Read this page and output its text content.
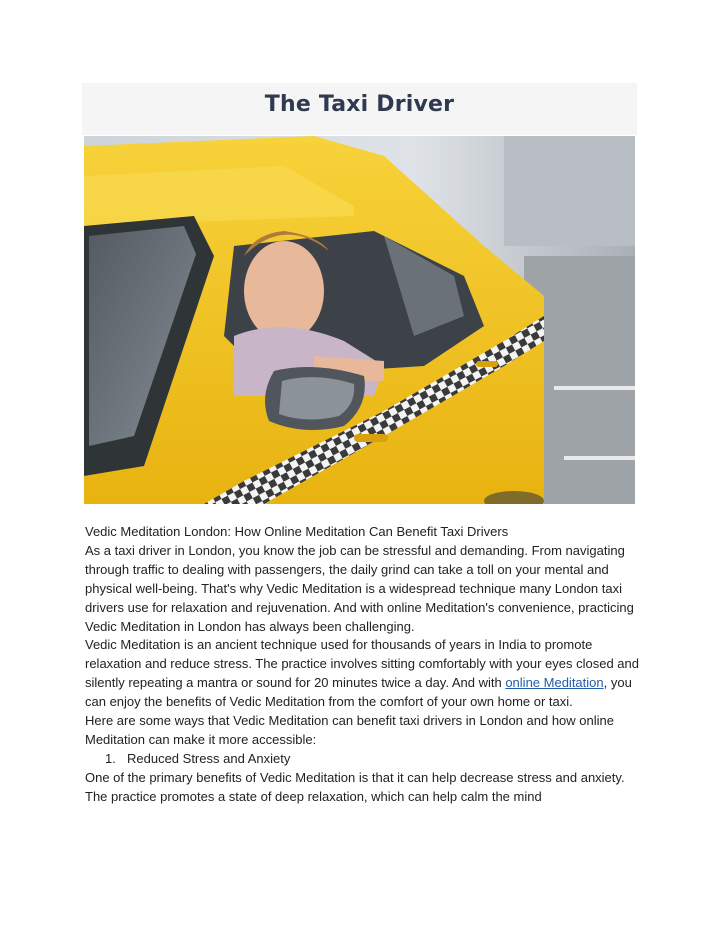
The Taxi Driver

Vedic Meditation London: How Online Meditation Can Benefit Taxi Drivers

As a taxi driver in London, you know the job can be stressful and demanding. From navigating through traffic to dealing with passengers, the daily grind can take a toll on your mental and physical well-being. That's why Vedic Meditation is a widespread technique many London taxi drivers use for relaxation and rejuvenation. And with online Meditation's convenience, practicing Vedic Meditation in London has always been challenging.

Vedic Meditation is an ancient technique used for thousands of years in India to promote relaxation and reduce stress. The practice involves sitting comfortably with your eyes closed and silently repeating a mantra or sound for 20 minutes twice a day. And with online Meditation, you can enjoy the benefits of Vedic Meditation from the comfort of your own home or taxi.

Here are some ways that Vedic Meditation can benefit taxi drivers in London and how online Meditation can make it more accessible:

1. Reduced Stress and Anxiety

One of the primary benefits of Vedic Meditation is that it can help decrease stress and anxiety. The practice promotes a state of deep relaxation, which can help calm the mind
